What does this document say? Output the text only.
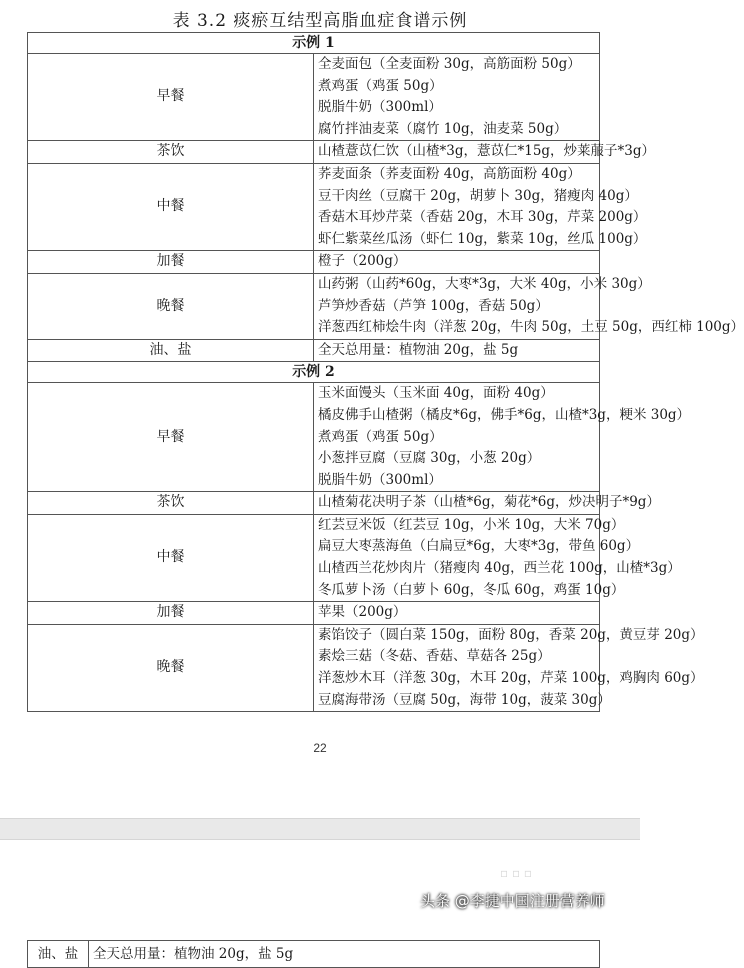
表 3.2 痰瘀互结型高脂血症食谱示例
示例 1	
早餐	全麦面包（全麦面粉 30g，高筋面粉 50g）
煮鸡蛋（鸡蛋 50g）
脱脂牛奶（300ml）
腐竹拌油麦菜（腐竹 10g，油麦菜 50g）

茶饮	山楂薏苡仁饮（山楂*3g，薏苡仁*15g，炒莱菔子*3g）

中餐	荞麦面条（荞麦面粉 40g，高筋面粉 40g）
豆干肉丝（豆腐干 20g，胡萝卜 30g，猪瘦肉 40g）
香菇木耳炒芹菜（香菇 20g，木耳 30g，芹菜 200g）
虾仁紫菜丝瓜汤（虾仁 10g，紫菜 10g，丝瓜 100g）

加餐	橙子（200g）

晚餐	山药粥（山药*60g，大枣*3g，大米 40g，小米 30g）
芦笋炒香菇（芦笋 100g，香菇 50g）
洋葱西红柿烩牛肉（洋葱 20g，牛肉 50g，土豆 50g，西红柿 100g）

油、盐	全天总用量：植物油 20g，盐 5g

示例 2	
早餐	玉米面馒头（玉米面 40g，面粉 40g）
橘皮佛手山楂粥（橘皮*6g，佛手*6g，山楂*3g，粳米 30g）
煮鸡蛋（鸡蛋 50g）
小葱拌豆腐（豆腐 30g，小葱 20g）
脱脂牛奶（300ml）

茶饮	山楂菊花决明子茶（山楂*6g，菊花*6g，炒决明子*9g）

中餐	红芸豆米饭（红芸豆 10g，小米 10g，大米 70g）
扁豆大枣蒸海鱼（白扁豆*6g，大枣*3g，带鱼 60g）
山楂西兰花炒肉片（猪瘦肉 40g，西兰花 100g，山楂*3g）
冬瓜萝卜汤（白萝卜 60g，冬瓜 60g，鸡蛋 10g）

加餐	苹果（200g）

晚餐	素馅饺子（圆白菜 150g，面粉 80g，香菜 20g，黄豆芽 20g）
素烩三菇（冬菇、香菇、草菇各 25g）
洋葱炒木耳（洋葱 30g，木耳 20g，芹菜 100g，鸡胸肉 60g）
豆腐海带汤（豆腐 50g，海带 10g，菠菜 30g）
22
油、盐	全天总用量：植物油 20g，盐 5g
▫ ▫ ▫
头条 @李捷中国注册营养师
